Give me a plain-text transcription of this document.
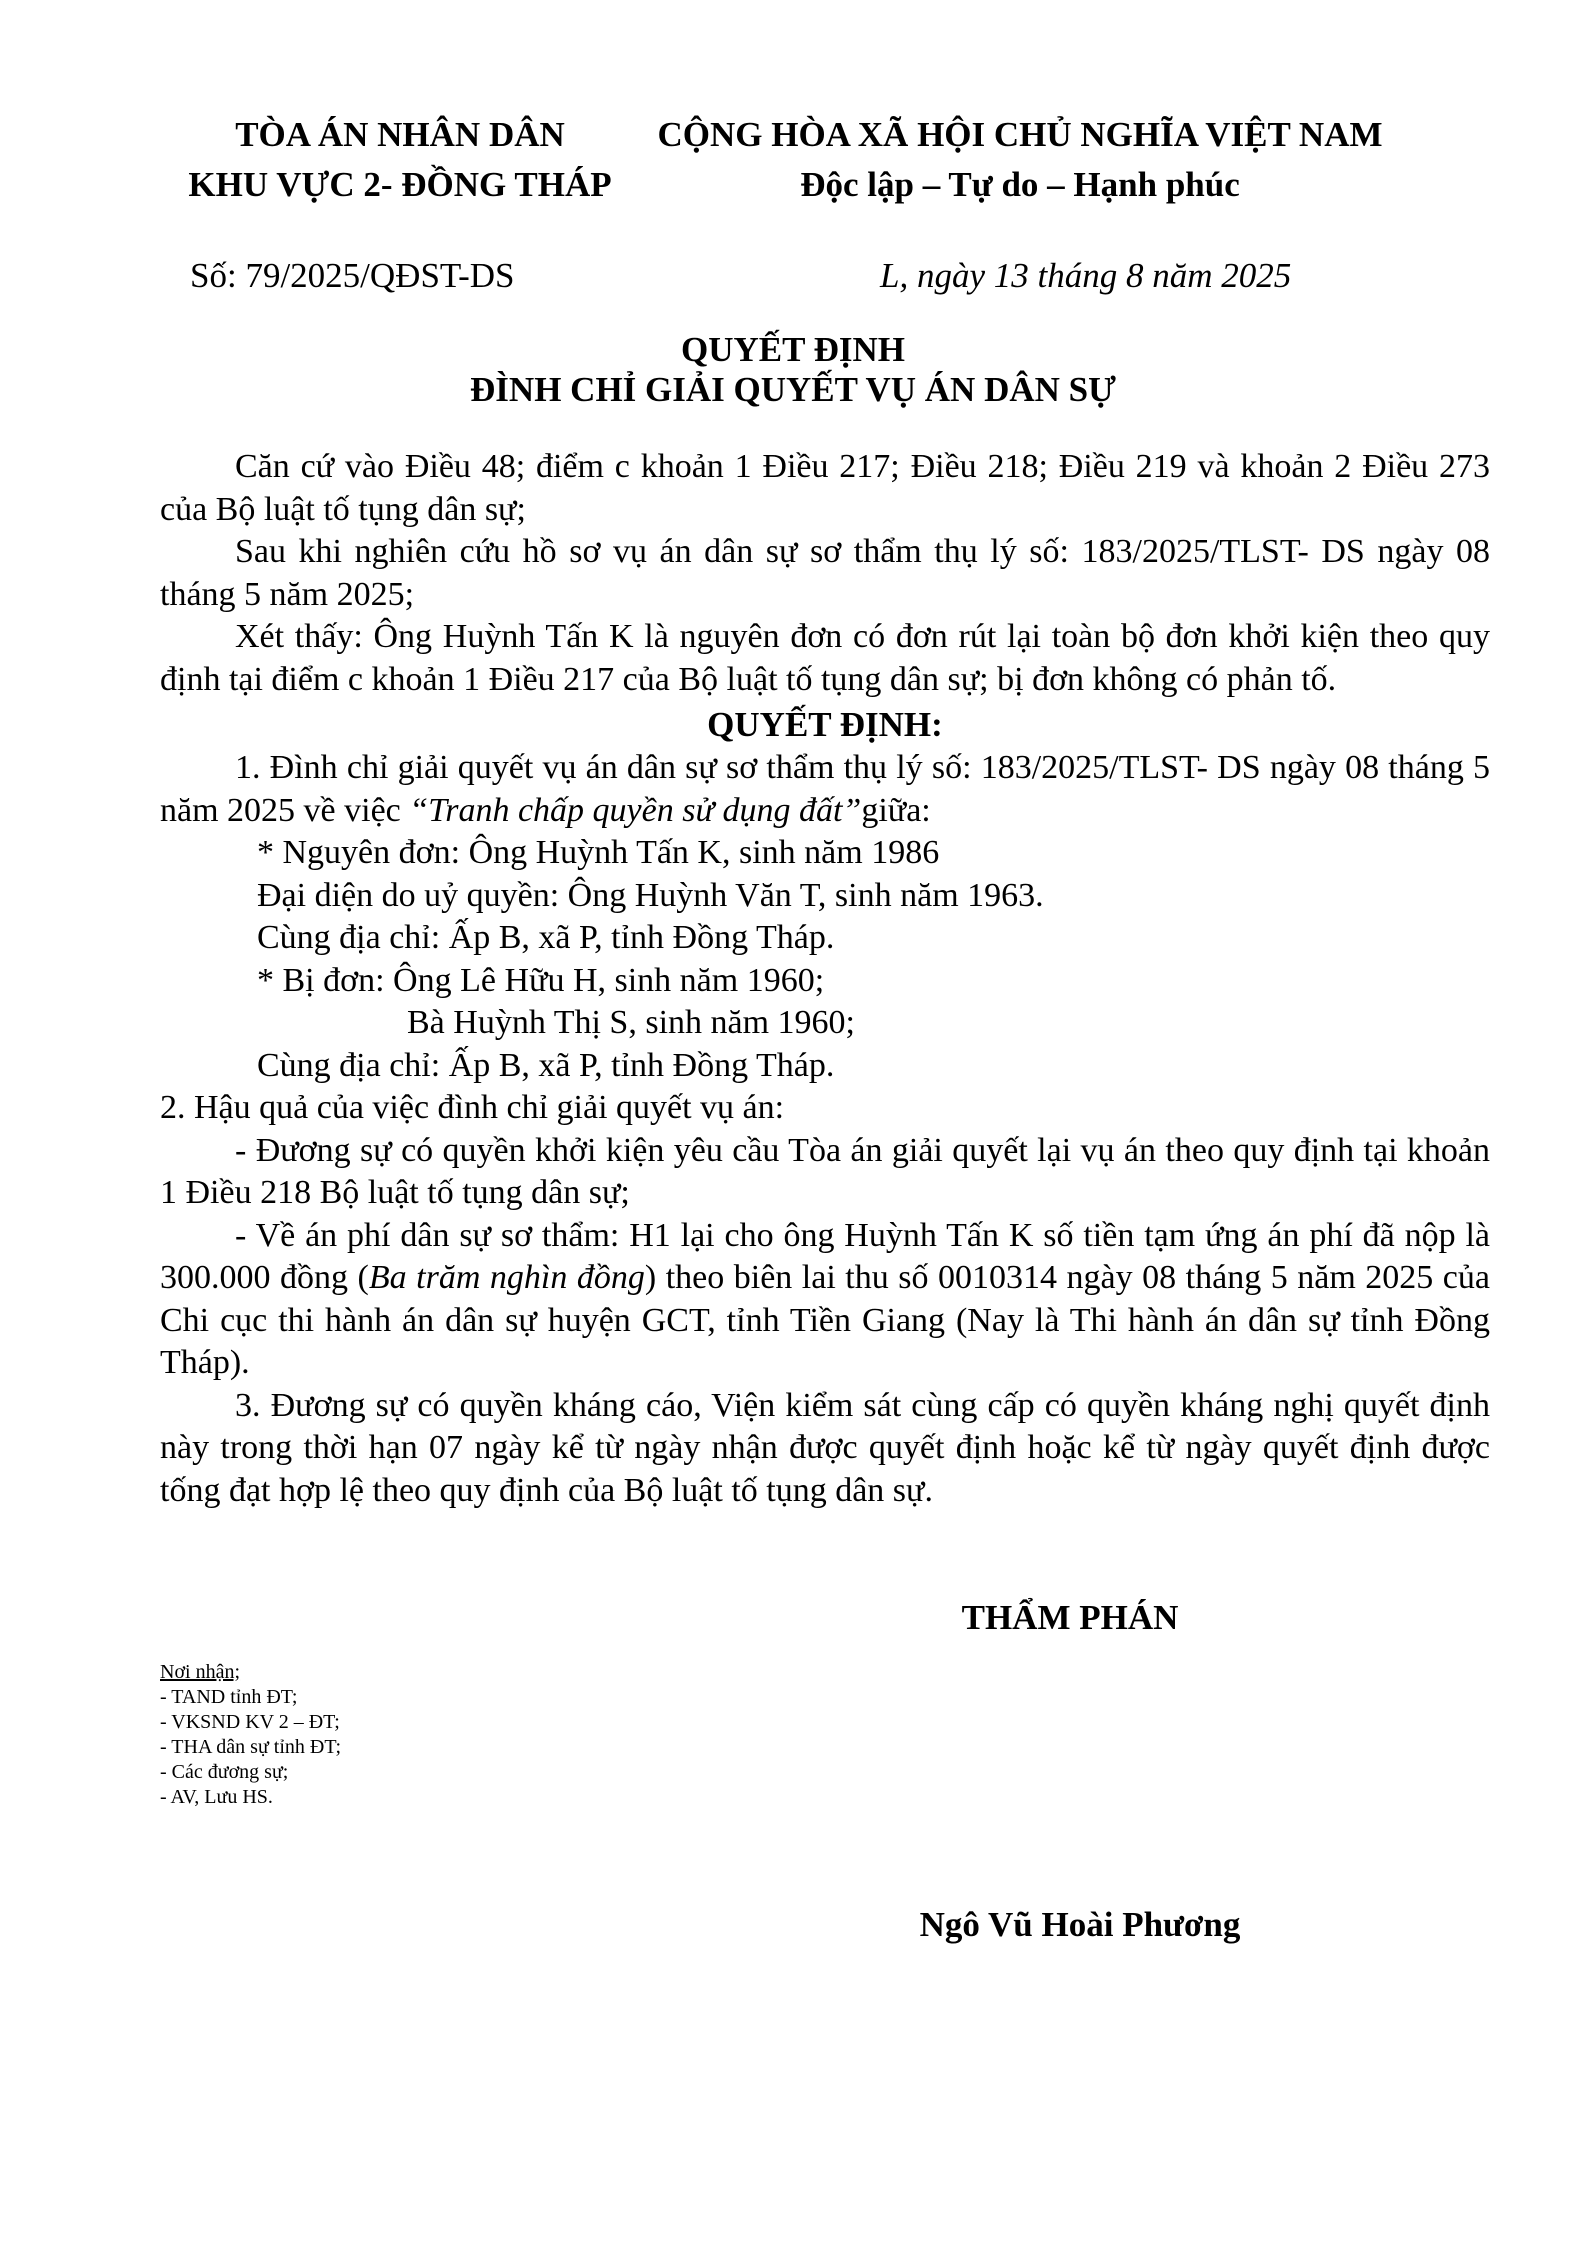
TÒA ÁN NHÂN DÂN
KHU VỰC 2- ĐỒNG THÁP
CỘNG HÒA XÃ HỘI CHỦ NGHĨA VIỆT NAM
Độc lập – Tự do – Hạnh phúc
Số: 79/2025/QĐST-DS	L, ngày 13 tháng 8 năm 2025
QUYẾT ĐỊNH
ĐÌNH CHỈ GIẢI QUYẾT VỤ ÁN DÂN SỰ

Căn cứ vào Điều 48; điểm c khoản 1 Điều 217; Điều 218; Điều 219 và khoản 2 Điều 273 của Bộ luật tố tụng dân sự;

Sau khi nghiên cứu hồ sơ vụ án dân sự sơ thẩm thụ lý số: 183/2025/TLST- DS ngày 08 tháng 5 năm 2025;

Xét thấy: Ông Huỳnh Tấn K là nguyên đơn có đơn rút lại toàn bộ đơn khởi kiện theo quy định tại điểm c khoản 1 Điều 217 của Bộ luật tố tụng dân sự; bị đơn không có phản tố.

QUYẾT ĐỊNH:

1. Đình chỉ giải quyết vụ án dân sự sơ thẩm thụ lý số: 183/2025/TLST- DS ngày 08 tháng 5 năm 2025 về việc “Tranh chấp quyền sử dụng đất”giữa:

* Nguyên đơn: Ông Huỳnh Tấn K, sinh năm 1986

Đại diện do uỷ quyền: Ông Huỳnh Văn T, sinh năm 1963.

Cùng địa chỉ: Ấp B, xã P, tỉnh Đồng Tháp.

* Bị đơn: Ông Lê Hữu H, sinh năm 1960;

Bà Huỳnh Thị S, sinh năm 1960;

Cùng địa chỉ: Ấp B, xã P, tỉnh Đồng Tháp.

2. Hậu quả của việc đình chỉ giải quyết vụ án:

- Đương sự có quyền khởi kiện yêu cầu Tòa án giải quyết lại vụ án theo quy định tại khoản 1 Điều 218 Bộ luật tố tụng dân sự;

- Về án phí dân sự sơ thẩm: H1 lại cho ông Huỳnh Tấn K số tiền tạm ứng án phí đã nộp là 300.000 đồng (Ba trăm nghìn đồng) theo biên lai thu số 0010314 ngày 08 tháng 5 năm 2025 của Chi cục thi hành án dân sự huyện GCT, tỉnh Tiền Giang (Nay là Thi hành án dân sự tỉnh Đồng Tháp).

3. Đương sự có quyền kháng cáo, Viện kiểm sát cùng cấp có quyền kháng nghị quyết định này trong thời hạn 07 ngày kể từ ngày nhận được quyết định hoặc kể từ ngày quyết định được tống đạt hợp lệ theo quy định của Bộ luật tố tụng dân sự.

THẨM PHÁN
Nơi nhận;
- TAND tỉnh ĐT;
- VKSND KV 2 – ĐT;
- THA dân sự tỉnh ĐT;
- Các đương sự;
- AV, Lưu HS.
Ngô Vũ Hoài Phương
